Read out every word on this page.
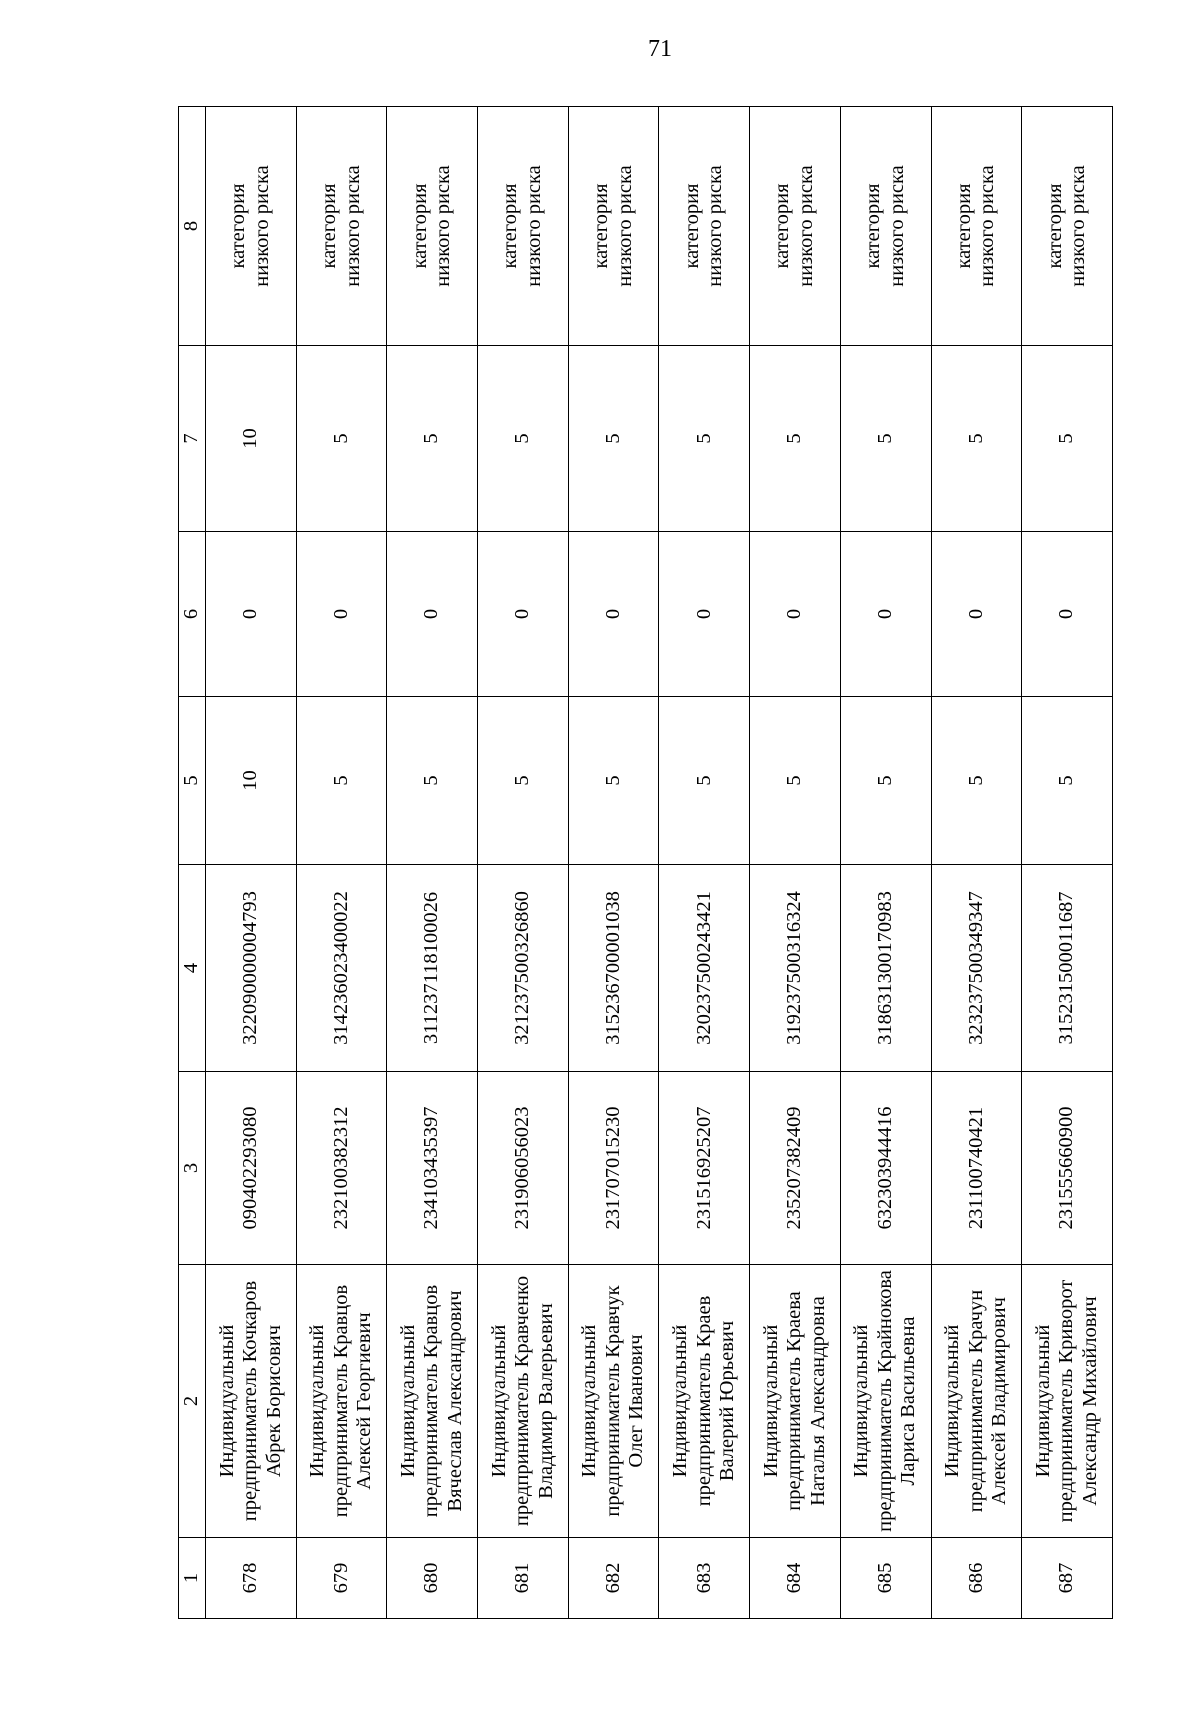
71
1	2	3	4	5	6	7	8
678	Индивидуальный
предприниматель Кочкаров
Абрек Борисович	090402293080	322090000004793	10	0	10	категория
низкого риска
679	Индивидуальный
предприниматель Кравцов
Алексей Георгиевич	232100382312	314236023400022	5	0	5	категория
низкого риска
680	Индивидуальный
предприниматель Кравцов
Вячеслав Александрович	234103435397	311237118100026	5	0	5	категория
низкого риска
681	Индивидуальный
предприниматель Кравченко
Владимир Валерьевич	231906056023	321237500326860	5	0	5	категория
низкого риска
682	Индивидуальный
предприниматель Кравчук
Олег Иванович	231707015230	315236700001038	5	0	5	категория
низкого риска
683	Индивидуальный
предприниматель Краев
Валерий Юрьевич	231516925207	320237500243421	5	0	5	категория
низкого риска
684	Индивидуальный
предприниматель Краева
Наталья Александровна	235207382409	319237500316324	5	0	5	категория
низкого риска
685	Индивидуальный
предприниматель Крайнокова
Лариса Васильевна	632303944416	318631300170983	5	0	5	категория
низкого риска
686	Индивидуальный
предприниматель Крачун
Алексей Владимирович	231100740421	323237500349347	5	0	5	категория
низкого риска
687	Индивидуальный
предприниматель Криворот
Александр Михайлович	231555660900	315231500011687	5	0	5	категория
низкого риска
